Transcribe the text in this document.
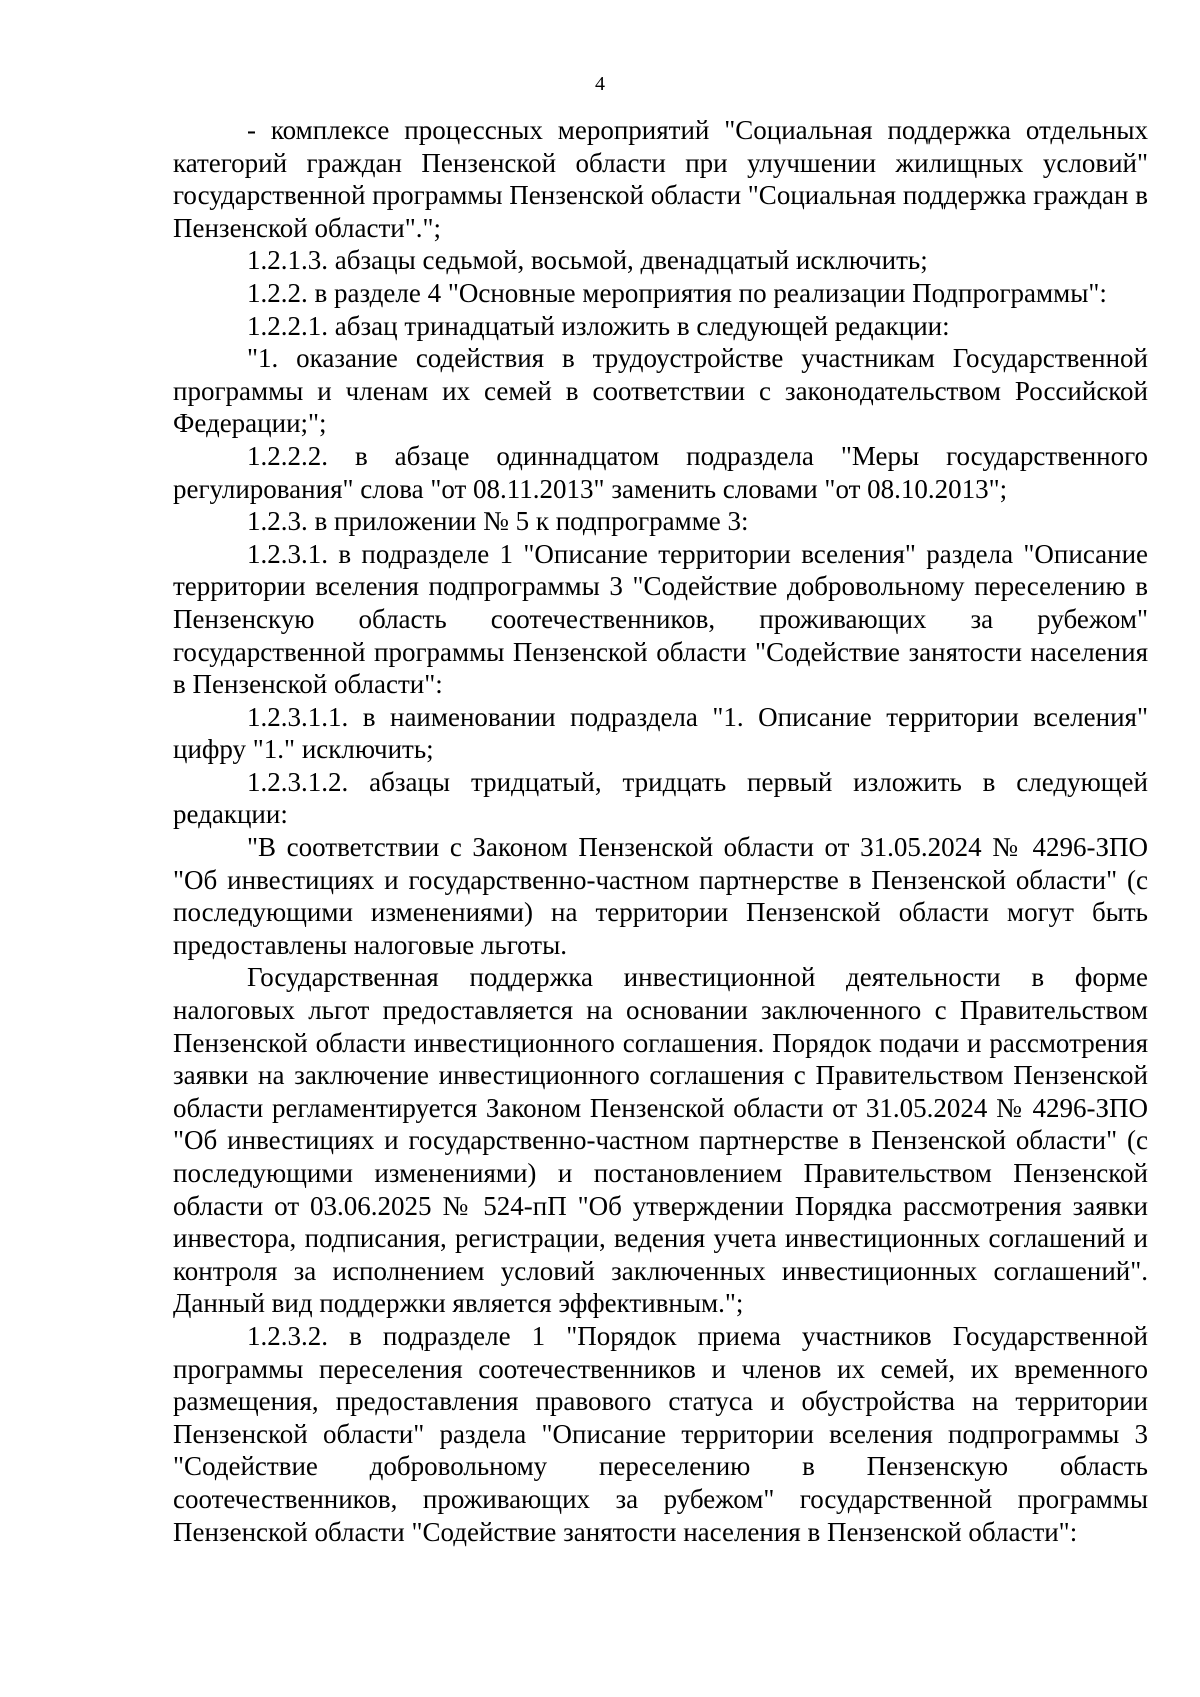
4

- комплексе процессных мероприятий "Социальная поддержка отдельных категорий граждан Пензенской области при улучшении жилищных условий" государственной программы Пензенской области "Социальная поддержка граждан в Пензенской области".";

1.2.1.3. абзацы седьмой, восьмой, двенадцатый исключить;

1.2.2. в разделе 4 "Основные мероприятия по реализации Подпрограммы":

1.2.2.1. абзац тринадцатый изложить в следующей редакции:

"1. оказание содействия в трудоустройстве участникам Государственной программы и членам их семей в соответствии с законодательством Российской Федерации;";

1.2.2.2. в абзаце одиннадцатом подраздела "Меры государственного регулирования" слова "от 08.11.2013" заменить словами "от 08.10.2013";

1.2.3. в приложении № 5 к подпрограмме 3:

1.2.3.1. в подразделе 1 "Описание территории вселения" раздела "Описание территории вселения подпрограммы 3 "Содействие добровольному переселению в Пензенскую область соотечественников, проживающих за рубежом" государственной программы Пензенской области "Содействие занятости населения в Пензенской области":

1.2.3.1.1. в наименовании подраздела "1. Описание территории вселения" цифру "1." исключить;

1.2.3.1.2. абзацы тридцатый, тридцать первый изложить в следующей редакции:

"В соответствии с Законом Пензенской области от 31.05.2024 № 4296-ЗПО "Об инвестициях и государственно-частном партнерстве в Пензенской области" (с последующими изменениями) на территории Пензенской области могут быть предоставлены налоговые льготы.

Государственная поддержка инвестиционной деятельности в форме налоговых льгот предоставляется на основании заключенного с Правительством Пензенской области инвестиционного соглашения. Порядок подачи и рассмотрения заявки на заключение инвестиционного соглашения с Правительством Пензенской области регламентируется Законом Пензенской области от 31.05.2024 № 4296-ЗПО "Об инвестициях и государственно-частном партнерстве в Пензенской области" (с последующими изменениями) и постановлением Правительством Пензенской области от 03.06.2025 № 524-пП "Об утверждении Порядка рассмотрения заявки инвестора, подписания, регистрации, ведения учета инвестиционных соглашений и контроля за исполнением условий заключенных инвестиционных соглашений". Данный вид поддержки является эффективным.";

1.2.3.2. в подразделе 1 "Порядок приема участников Государственной программы переселения соотечественников и членов их семей, их временного размещения, предоставления правового статуса и обустройства на территории Пензенской области" раздела "Описание территории вселения подпрограммы 3 "Содействие добровольному переселению в Пензенскую область соотечественников, проживающих за рубежом" государственной программы Пензенской области "Содействие занятости населения в Пензенской области":
